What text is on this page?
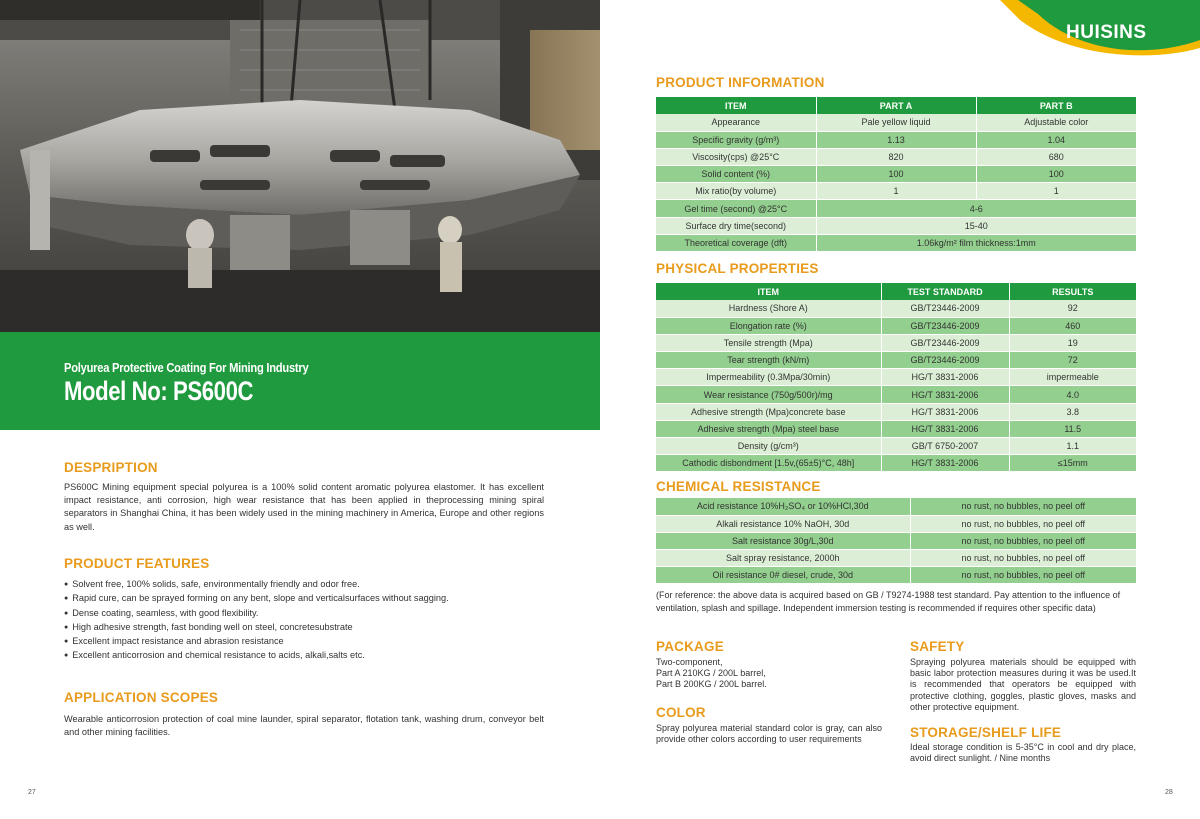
Polyurea Protective Coating For Mining Industry
Model No: PS600C
DESPRIPTION
PS600C Mining equipment special polyurea is a 100% solid content aromatic polyurea elastomer. It has excellent impact resistance, anti corrosion, high wear resistance that has been applied in theprocessing mining spiral separators in Shanghai China, it has been widely used in the mining machinery in America, Europe and other regions as well.
PRODUCT FEATURES
● Solvent free, 100% solids, safe, environmentally friendly and odor free.
● Rapid cure, can be sprayed forming on any bent, slope and verticalsurfaces without sagging.
● Dense coating, seamless, with good flexibility.
● High adhesive strength, fast bonding well on steel, concretesubstrate
● Excellent impact resistance and abrasion resistance
● Excellent anticorrosion and chemical resistance to acids, alkali,salts etc.
APPLICATION SCOPES
Wearable anticorrosion protection of coal mine launder, spiral separator, flotation tank, washing drum, conveyor belt and other mining facilities.
27
HUISINS
PRODUCT INFORMATION
ITEM	PART A	PART B
Appearance	Pale yellow liquid	Adjustable color
Specific gravity (g/m³)	1.13	1.04
Viscosity(cps) @25°C	820	680
Solid content (%)	100	100
Mix ratio(by volume)	1	1
Gel time (second) @25°C	4-6	
Surface dry time(second)	15-40	
Theoretical coverage (dft)	1.06kg/m² film thickness:1mm	
PHYSICAL PROPERTIES
ITEM	TEST STANDARD	RESULTS
Hardness (Shore A)	GB/T23446-2009	92
Elongation rate (%)	GB/T23446-2009	460
Tensile strength (Mpa)	GB/T23446-2009	19
Tear strength (kN/m)	GB/T23446-2009	72
Impermeability (0.3Mpa/30min)	HG/T 3831-2006	impermeable
Wear resistance (750g/500r)/mg	HG/T 3831-2006	4.0
Adhesive strength (Mpa)concrete base	HG/T 3831-2006	3.8
Adhesive strength (Mpa) steel base	HG/T 3831-2006	11.5
Density (g/cm³)	GB/T 6750-2007	1.1
Cathodic disbondment [1.5v,(65±5)°C, 48h]	HG/T 3831-2006	≤15mm
CHEMICAL RESISTANCE
Acid resistance 10%H₂SO₄ or 10%HCl,30d	no rust, no bubbles, no peel off
Alkali resistance 10% NaOH, 30d	no rust, no bubbles, no peel off
Salt resistance 30g/L,30d	no rust, no bubbles, no peel off
Salt spray resistance, 2000h	no rust, no bubbles, no peel off
Oil resistance 0# diesel, crude, 30d	no rust, no bubbles, no peel off
(For reference: the above data is acquired based on GB / T9274-1988 test standard. Pay attention to the influence of ventilation, splash and spillage. Independent immersion testing is recommended if requires other specific data)
PACKAGE
Two-component,
Part A 210KG / 200L barrel,
Part B 200KG / 200L barrel.
COLOR
Spray polyurea material standard color is gray, can also provide other colors according to user requirements
SAFETY
Spraying polyurea materials should be equipped with basic labor protection measures during it was be used.It is recommended that operators be equipped with protective clothing, goggles, plastic gloves, masks and other protective equipment.
STORAGE/SHELF LIFE
Ideal storage condition is 5-35°C in cool and dry place, avoid direct sunlight. / Nine months
28
